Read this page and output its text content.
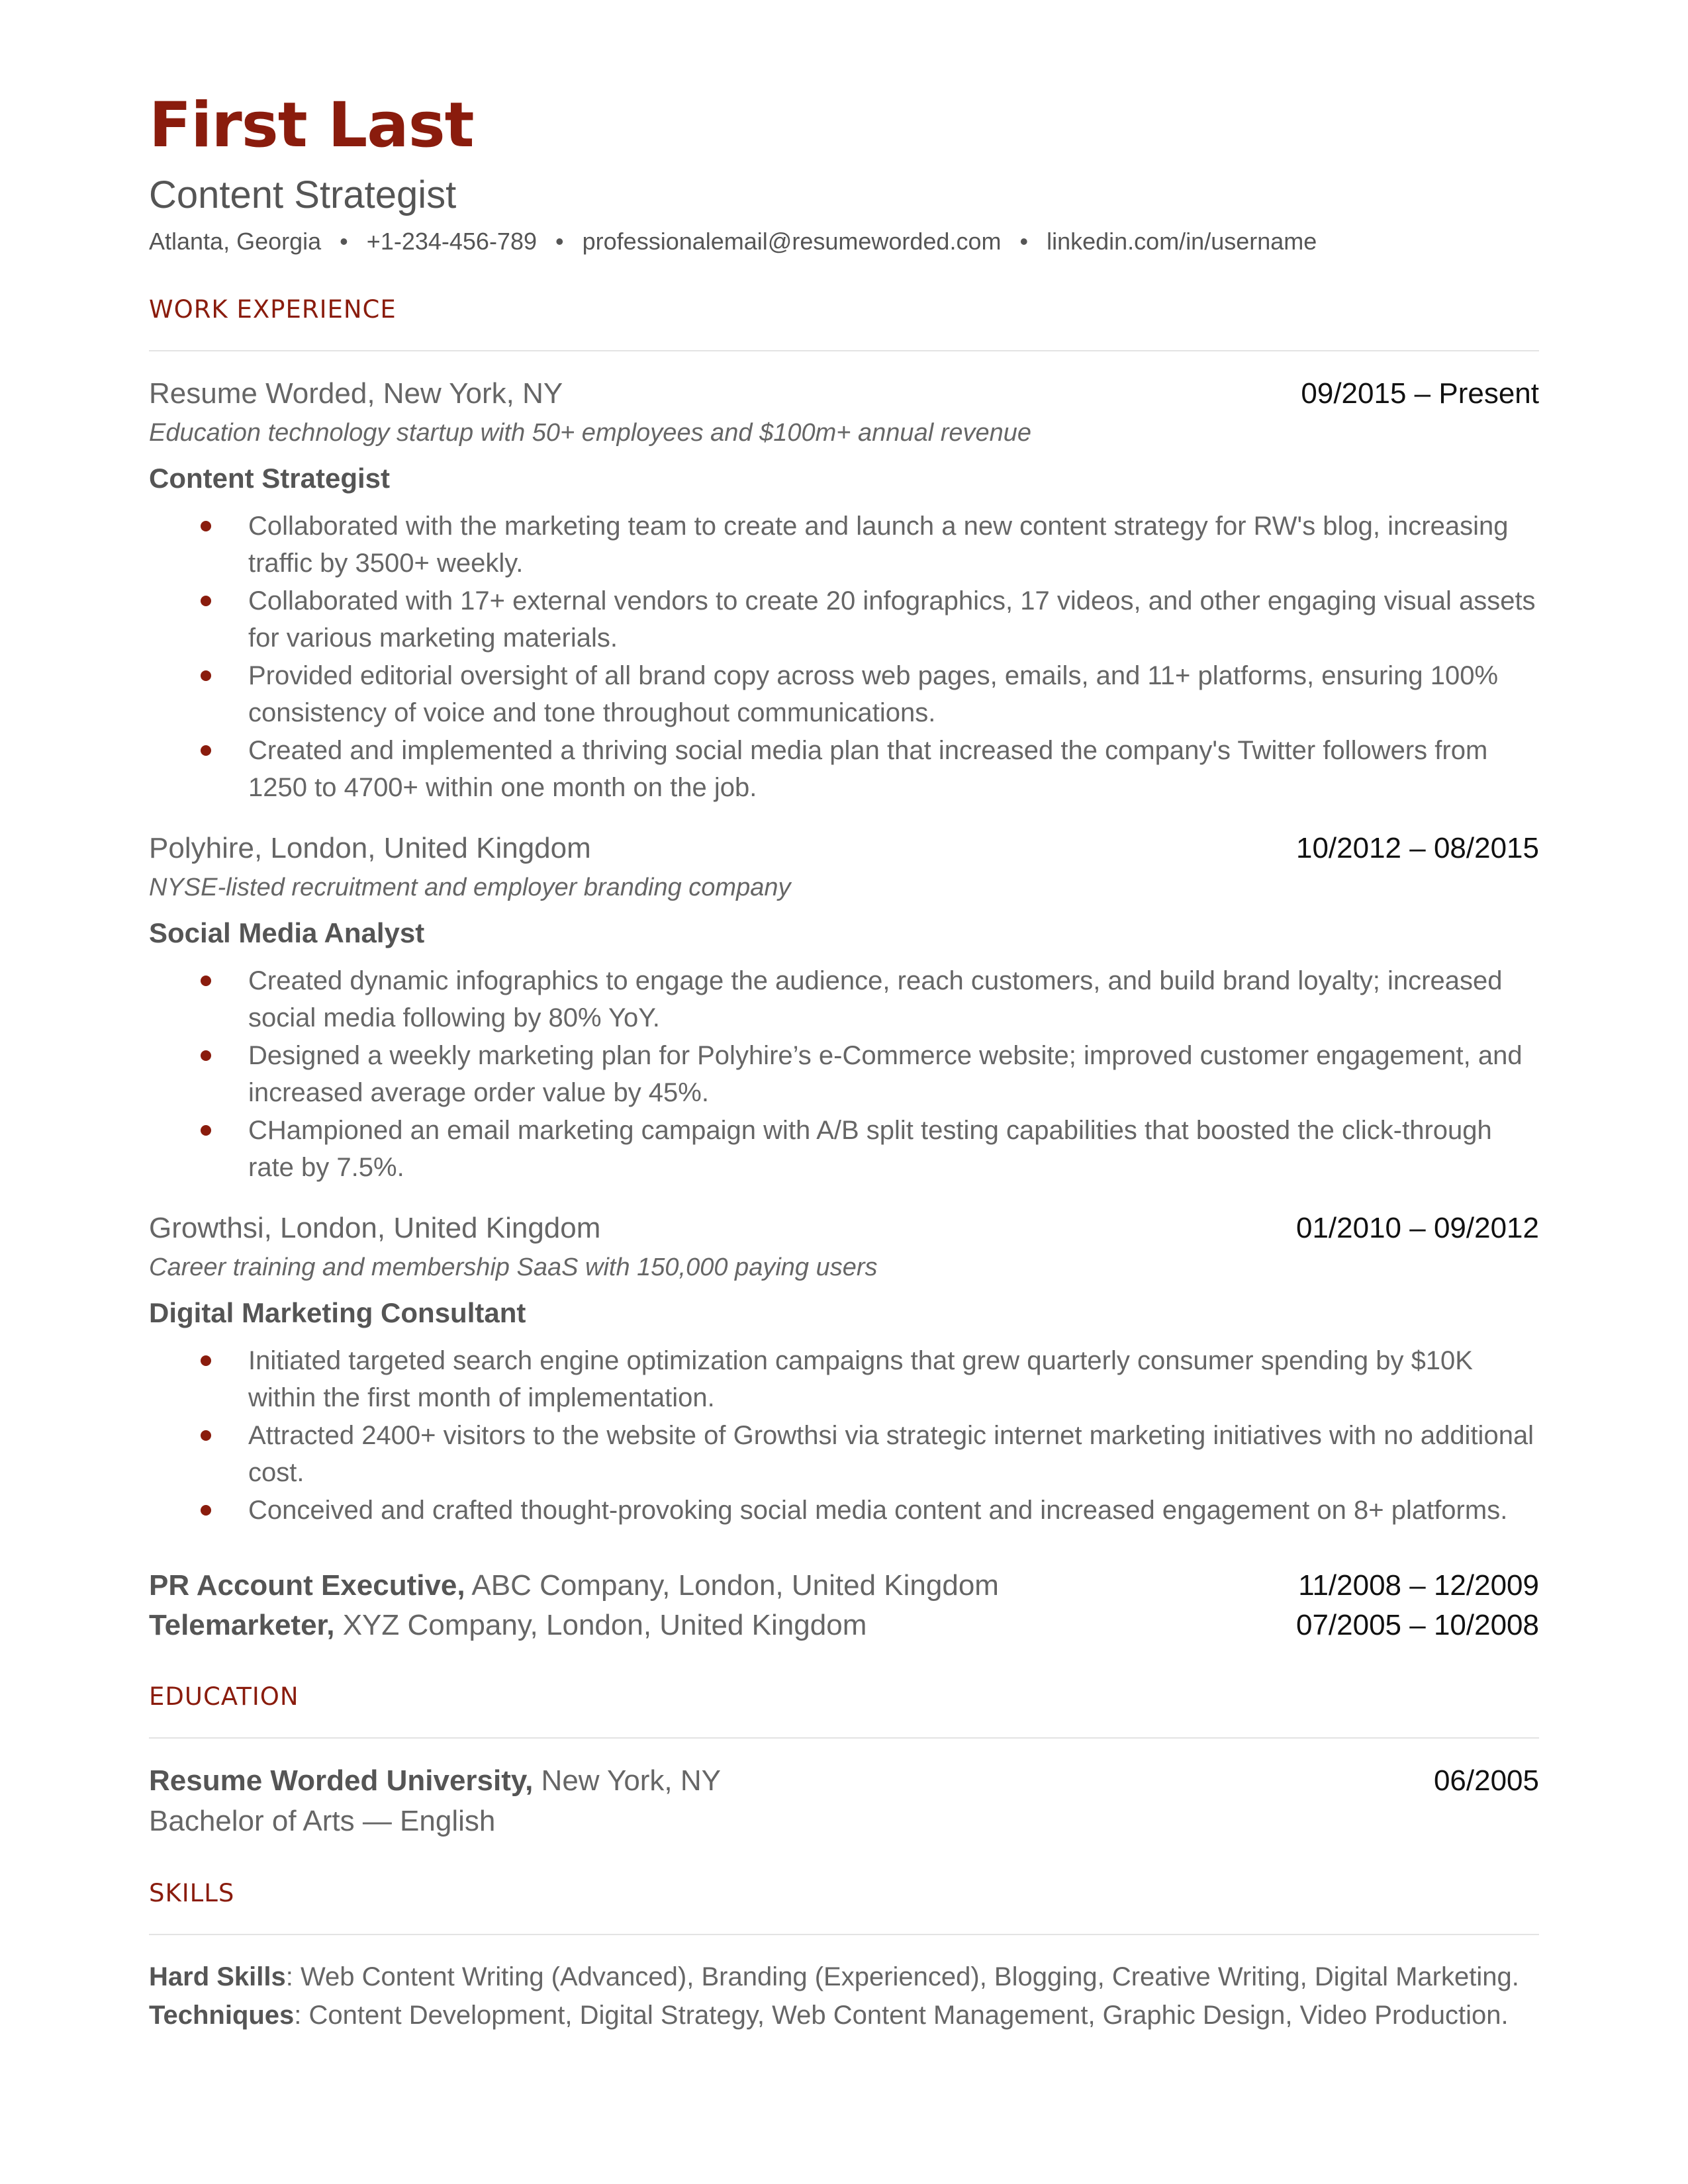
First Last
Content Strategist
Atlanta, Georgia • +1-234-456-789 • professionalemail@resumeworded.com • linkedin.com/in/username
WORK EXPERIENCE
Resume Worded, New York, NY	09/2015 – Present
Education technology startup with 50+ employees and $100m+ annual revenue
Content Strategist
Collaborated with the marketing team to create and launch a new content strategy for RW's blog, increasing traffic by 3500+ weekly.
Collaborated with 17+ external vendors to create 20 infographics, 17 videos, and other engaging visual assets for various marketing materials.
Provided editorial oversight of all brand copy across web pages, emails, and 11+ platforms, ensuring 100% consistency of voice and tone throughout communications.
Created and implemented a thriving social media plan that increased the company's Twitter followers from 1250 to 4700+ within one month on the job.
Polyhire, London, United Kingdom	10/2012 – 08/2015
NYSE-listed recruitment and employer branding company
Social Media Analyst
Created dynamic infographics to engage the audience, reach customers, and build brand loyalty; increased social media following by 80% YoY.
Designed a weekly marketing plan for Polyhire’s e-Commerce website; improved customer engagement, and increased average order value by 45%.
CHampioned an email marketing campaign with A/B split testing capabilities that boosted the click-through rate by 7.5%.
Growthsi, London, United Kingdom	01/2010 – 09/2012
Career training and membership SaaS with 150,000 paying users
Digital Marketing Consultant
Initiated targeted search engine optimization campaigns that grew quarterly consumer spending by $10K within the first month of implementation.
Attracted 2400+ visitors to the website of Growthsi via strategic internet marketing initiatives with no additional cost.
Conceived and crafted thought-provoking social media content and increased engagement on 8+ platforms.
PR Account Executive, ABC Company, London, United Kingdom	11/2008 – 12/2009
Telemarketer, XYZ Company, London, United Kingdom	07/2005 – 10/2008
EDUCATION
Resume Worded University, New York, NY	06/2005
Bachelor of Arts — English
SKILLS
Hard Skills: Web Content Writing (Advanced), Branding (Experienced), Blogging, Creative Writing, Digital Marketing.
Techniques: Content Development, Digital Strategy, Web Content Management, Graphic Design, Video Production.
